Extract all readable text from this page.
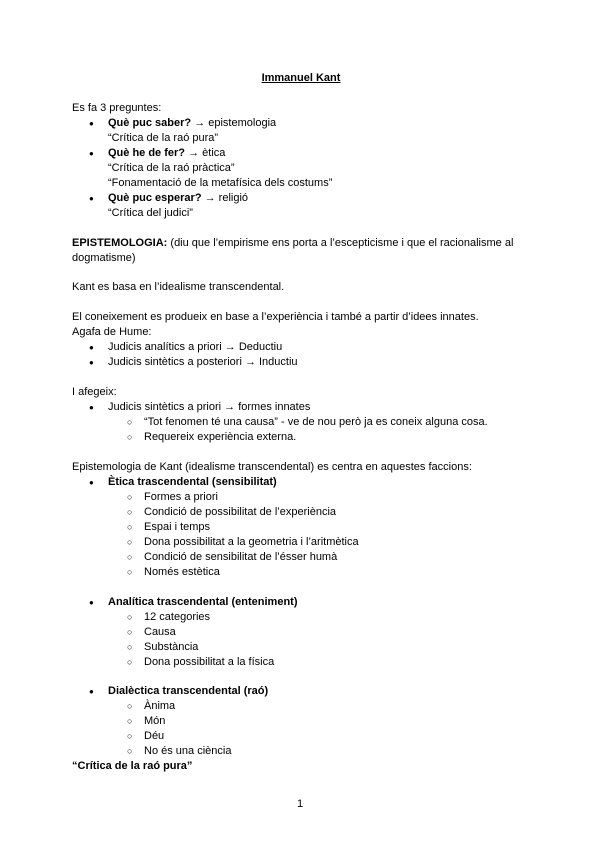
Immanuel Kant

Es fa 3 preguntes:

● Què puc saber? → epistemologia
“Crítica de la raó pura”
● Què he de fer? → ètica
“Crítica de la raó pràctica”
“Fonamentació de la metafísica dels costums”
● Què puc esperar? → religió
“Crítica del judici”

EPISTEMOLOGIA: (diu que l’empirisme ens porta a l’escepticisme i que el racionalisme al dogmatisme)

Kant es basa en l’idealisme transcendental.

El coneixement es produeix en base a l’experiència i també a partir d’idees innates.

Agafa de Hume:

● Judicis analítics a priori → Deductiu
● Judicis sintètics a posteriori → Inductiu

I afegeix:

● Judicis sintètics a priori → formes innates
○ “Tot fenomen té una causa” - ve de nou però ja es coneix alguna cosa.
○ Requereix experiència externa.

Epistemologia de Kant (idealisme transcendental) es centra en aquestes faccions:

● Ètica trascendental (sensibilitat)
○ Formes a priori
○ Condició de possibilitat de l’experiència
○ Espai i temps
○ Dona possibilitat a la geometria i l’aritmètica
○ Condició de sensibilitat de l’ésser humà
○ Només estètica
● Analítica trascendental (enteniment)
○ 12 categories
○ Causa
○ Substància
○ Dona possibilitat a la física
● Dialèctica transcendental (raó)
○ Ànima
○ Món
○ Déu
○ No és una ciència

“Crítica de la raó pura”

1
